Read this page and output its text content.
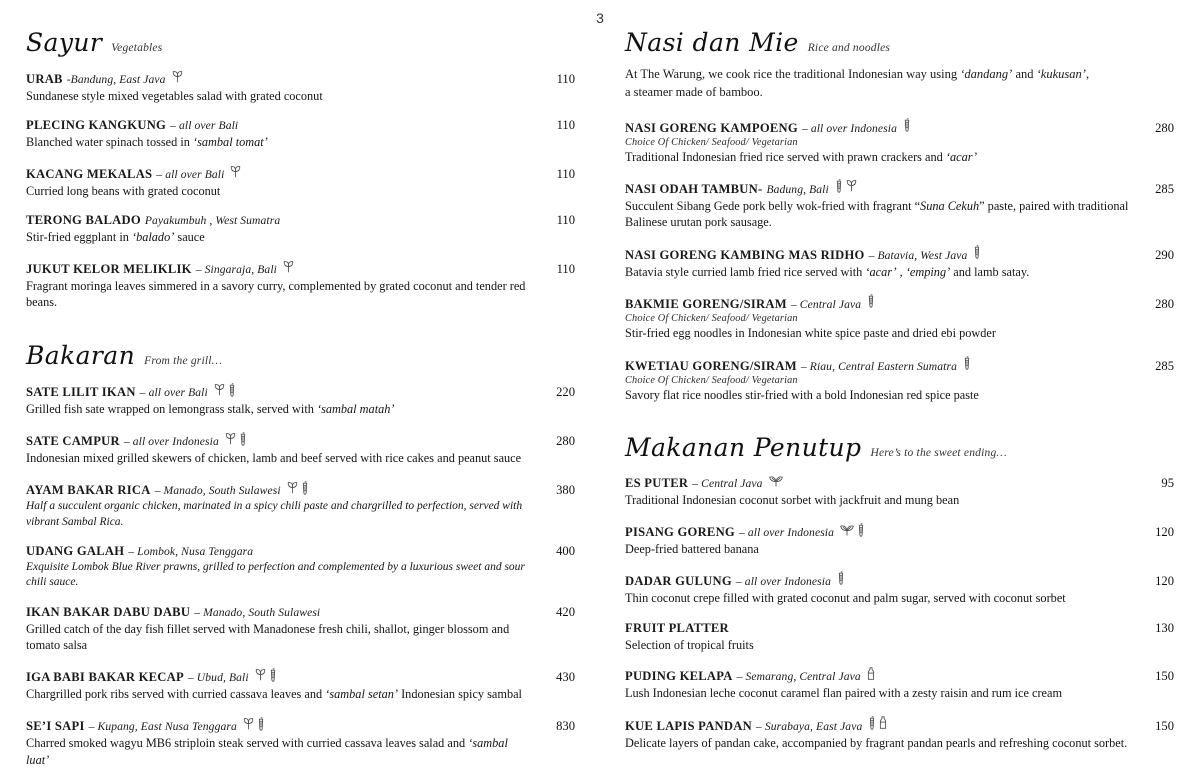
3
Sayur Vegetables
URAB -Bandung, East Java	110
Sundanese style mixed vegetables salad with grated coconut
PLECING KANGKUNG – all over Bali	110
Blanched water spinach tossed in ‘sambal tomat’
KACANG MEKALAS – all over Bali	110
Curried long beans with grated coconut
TERONG BALADO Payakumbuh , West Sumatra	110
Stir-fried eggplant in ‘balado’ sauce
JUKUT KELOR MELIKLIK – Singaraja, Bali	110
Fragrant moringa leaves simmered in a savory curry, complemented by grated coconut and tender red beans.
Bakaran From the grill…
SATE LILIT IKAN – all over Bali	220
Grilled fish sate wrapped on lemongrass stalk, served with ‘sambal matah’
SATE CAMPUR – all over Indonesia	280
Indonesian mixed grilled skewers of chicken, lamb and beef served with rice cakes and peanut sauce
AYAM BAKAR RICA – Manado, South Sulawesi	380
Half a succulent organic chicken, marinated in a spicy chili paste and chargrilled to perfection, served with vibrant Sambal Rica.
UDANG GALAH – Lombok, Nusa Tenggara	400
Exquisite Lombok Blue River prawns, grilled to perfection and complemented by a luxurious sweet and sour chili sauce.
IKAN BAKAR DABU DABU – Manado, South Sulawesi	420
Grilled catch of the day fish fillet served with Manadonese fresh chili, shallot, ginger blossom and tomato salsa
IGA BABI BAKAR KECAP – Ubud, Bali	430
Chargrilled pork ribs served with curried cassava leaves and ‘sambal setan’ Indonesian spicy sambal
SE’I SAPI – Kupang, East Nusa Tenggara	830
Charred smoked wagyu MB6 striploin steak served with curried cassava leaves salad and ‘sambal luat’
Nasi dan Mie Rice and noodles
At The Warung, we cook rice the traditional Indonesian way using ‘dandang’ and ‘kukusan’, a steamer made of bamboo.
NASI GORENG KAMPOENG – all over Indonesia	280
Choice Of Chicken/ Seafood/ Vegetarian
Traditional Indonesian fried rice served with prawn crackers and ‘acar’
NASI ODAH TAMBUN- Badung, Bali	285
Succulent Sibang Gede pork belly wok-fried with fragrant “Suna Cekuh” paste, paired with traditional Balinese urutan pork sausage.
NASI GORENG KAMBING MAS RIDHO – Batavia, West Java	290
Batavia style curried lamb fried rice served with ‘acar’ , ‘emping’ and lamb satay.
BAKMIE GORENG/SIRAM – Central Java	280
Choice Of Chicken/ Seafood/ Vegetarian
Stir-fried egg noodles in Indonesian white spice paste and dried ebi powder
KWETIAU GORENG/SIRAM – Riau, Central Eastern Sumatra	285
Choice Of Chicken/ Seafood/ Vegetarian
Savory flat rice noodles stir-fried with a bold Indonesian red spice paste
Makanan Penutup Here’s to the sweet ending…
ES PUTER – Central Java	95
Traditional Indonesian coconut sorbet with jackfruit and mung bean
PISANG GORENG – all over Indonesia	120
Deep-fried battered banana
DADAR GULUNG – all over Indonesia	120
Thin coconut crepe filled with grated coconut and palm sugar, served with coconut sorbet
FRUIT PLATTER	130
Selection of tropical fruits
PUDING KELAPA – Semarang, Central Java	150
Lush Indonesian leche coconut caramel flan paired with a zesty raisin and rum ice cream
KUE LAPIS PANDAN – Surabaya, East Java	150
Delicate layers of pandan cake, accompanied by fragrant pandan pearls and refreshing coconut sorbet.
